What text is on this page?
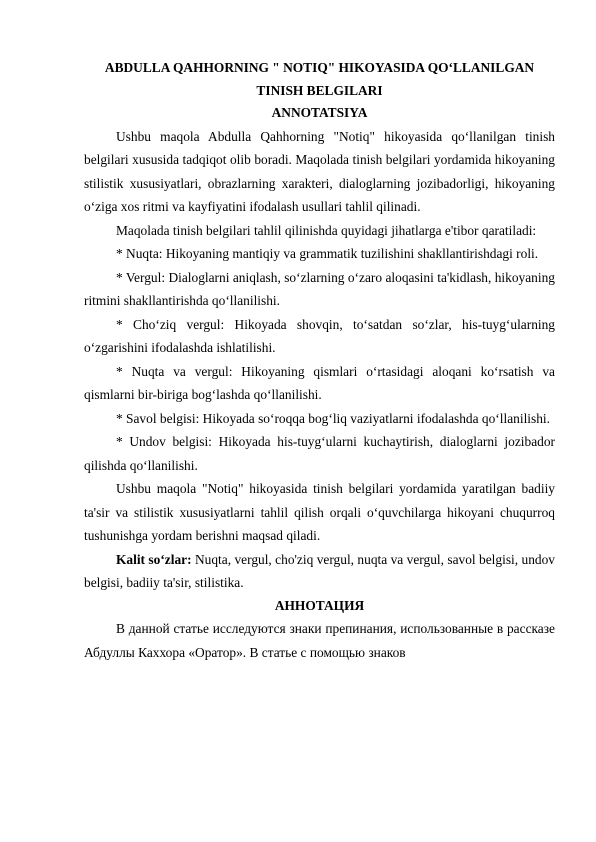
ABDULLA QAHHORNING " NOTIQ" HIKOYASIDA QO‘LLANILGAN TINISH BELGILARI

ANNOTATSIYA

Ushbu maqola Abdulla Qahhorning "Notiq" hikoyasida qo‘llanilgan tinish belgilari xususida tadqiqot olib boradi. Maqolada tinish belgilari yordamida hikoyaning stilistik xususiyatlari, obrazlarning xarakteri, dialoglarning jozibadorligi, hikoyaning o‘ziga xos ritmi va kayfiyatini ifodalash usullari tahlil qilinadi.

Maqolada tinish belgilari tahlil qilinishda quyidagi jihatlarga e'tibor qaratiladi:

* Nuqta: Hikoyaning mantiqiy va grammatik tuzilishini shakllantirishdagi roli.

* Vergul: Dialoglarni aniqlash, so‘zlarning o‘zaro aloqasini ta'kidlash, hikoyaning ritmini shakllantirishda qo‘llanilishi.

* Cho‘ziq vergul: Hikoyada shovqin, to‘satdan so‘zlar, his-tuyg‘ularning o‘zgarishini ifodalashda ishlatilishi.

* Nuqta va vergul: Hikoyaning qismlari o‘rtasidagi aloqani ko‘rsatish va qismlarni bir-biriga bog‘lashda qo‘llanilishi.

* Savol belgisi: Hikoyada so‘roqqa bog‘liq vaziyatlarni ifodalashda qo‘llanilishi.

* Undov belgisi: Hikoyada his-tuyg‘ularni kuchaytirish, dialoglarni jozibador qilishda qo‘llanilishi.

Ushbu maqola "Notiq" hikoyasida tinish belgilari yordamida yaratilgan badiiy ta'sir va stilistik xususiyatlarni tahlil qilish orqali o‘quvchilarga hikoyani chuqurroq tushunishga yordam berishni maqsad qiladi.

Kalit so‘zlar: Nuqta, vergul, cho'ziq vergul, nuqta va vergul, savol belgisi, undov belgisi, badiiy ta'sir, stilistika.

АННОТАЦИЯ

В данной статье исследуются знаки препинания, использованные в рассказе Абдуллы Каххора «Оратор». В статье с помощью знаков
